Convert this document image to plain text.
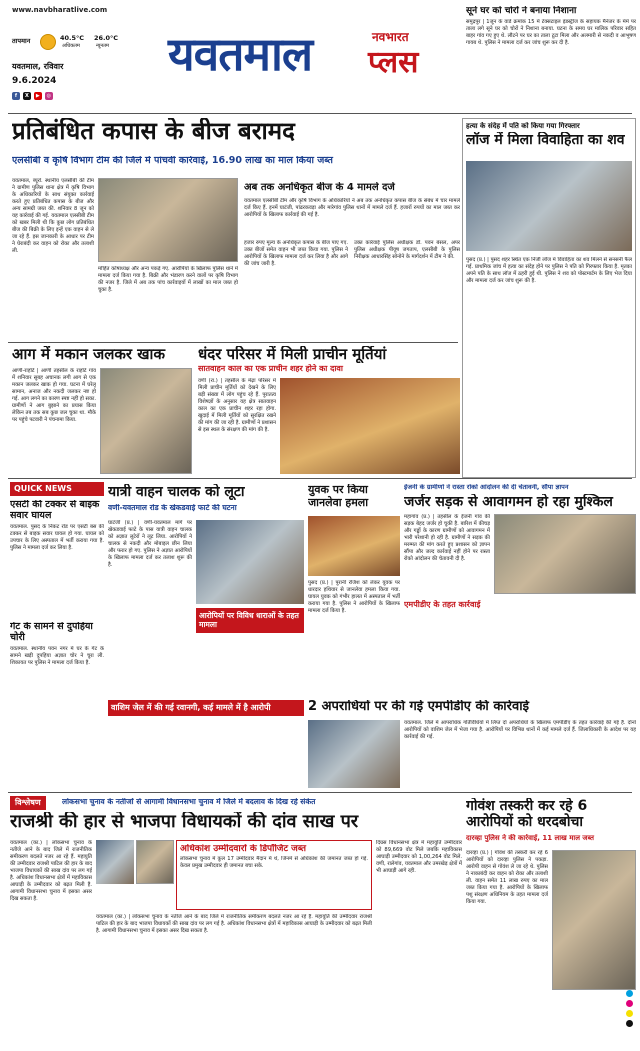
www.navbharatlive.com
तापमान	40.5°C
अधिकतम
26.0°C
न्यूनतम
यवतमाल, रविवार
9.6.2024
f X ▶ ◎
यवतमाल	नवभारत
प्लस
सूने घर को चोरों ने बनाया निशाना
समुद्रपुर | 1जून के वार्ड क्रमांक 15 में टेक्सटाइल इंडस्ट्रीज के सहायक मैनेजर के मेमे पर ताला लगे सूने घर को चोरों ने निशाना बनाया. घटना के समय घर मालिक परिवार सहित बाहर गांव गए हुए थे. लौटने पर घर का ताला टूटा मिला और अलमारी से नकदी व आभूषण गायब थे. पुलिस ने मामला दर्ज कर जांच शुरू कर दी है.
प्रतिबंधित कपास के बीज बरामद
एलसीबी व कृषि विभाग टीम की जिले में पांचवीं कार्रवाई, 16.90 लाख का माल किया जब्त
यवतमाल, ब्यूरो. स्थानीय एलसीबी की टीम ने ग्रामीण पुलिस थाना क्षेत्र में कृषि विभाग के अधिकारियों के साथ संयुक्त कार्रवाई करते हुए प्रतिबंधित कपास के बीज और अन्य सामग्री जब्त की. शनिवार 8 जून को यह कार्रवाई की गई. यवतमाल एलसीबी टीम को खबर मिली थी कि कुछ लोग प्रतिबंधित बीज की बिक्री के लिए इन्हें एक वाहन से ले जा रहे हैं. इस जानकारी के आधार पर टीम ने घेराबंदी कर वाहन को रोका और तलाशी ली.
मोहित कोषाध्यक्ष और अन्य पकड़े गए. आरोपियों के खिलाफ पुलिस थाने में मामला दर्ज किया गया है. बिक्री और भंडारण करने वालों पर कृषि विभाग की नजर है. जिले में अब तक पांच कार्रवाइयों में लाखों का माल जब्त हो चुका है.
अब तक अनधिकृत बीज के 4 मामले दर्ज
यवतमाल एलसीबी टीम और कृषि विभाग के अधिकारियों ने अब तक अनधिकृत कपास बीज के संबंध में चार मामले दर्ज किए हैं. इनमें घाटंजी, पांढरकवड़ा और मारेगांव पुलिस थानों में मामले दर्ज हैं. हजारों रुपयों का माल जब्त कर आरोपियों के खिलाफ कार्रवाई की गई है.
हजार रुपए मूल्य के अनधिकृत कपास के बीज पाए गए. उक्त बीजों समेत वाहन भी जब्त किया गया. पुलिस ने आरोपियों के खिलाफ मामला दर्ज कर लिया है और आगे की जांच जारी है.
उक्त कार्रवाई पुलिस अधीक्षक डॉ. पवन बंसल, अपर पुलिस अधीक्षक पीयूष जगताप, एलसीबी के पुलिस निरीक्षक आधारसिंह सोनोने के मार्गदर्शन में टीम ने की.
हत्या के संदेह में पति को किया गया गिरफ्तार
लॉज में मिला विवाहिता का शव
पुसद (प्र.) | पुसद शहर स्थित एक निजी लॉज में विवाहिता का शव मिलने से सनसनी फैल गई. प्राथमिक जांच में हत्या का संदेह होने पर पुलिस ने पति को गिरफ्तार किया है. मृतका अपने पति के साथ लॉज में ठहरी हुई थी. पुलिस ने शव को पोस्टमार्टम के लिए भेज दिया और मामला दर्ज कर जांच शुरू की है.
आग में मकान जलकर खाक
आर्णी-राहटि | आर्णी तहसील के राहटि गांव में शनिवार सुबह अचानक लगी आग से एक मकान जलकर खाक हो गया. घटना में घरेलू सामान, अनाज और नकदी जलकर नष्ट हो गई. आग लगने का कारण स्पष्ट नहीं हो सका. ग्रामीणों ने आग बुझाने का प्रयास किया लेकिन तब तक सब कुछ जल चुका था. मौके पर पहुंचे पटवारी ने पंचनामा किया.
धंदर परिसर में मिली प्राचीन मूर्तियां
सातवाहन काल का एक प्राचीन शहर होने का दावा
वणी (रा.) | तहसील के मेंढ़ा परिसर में मिली प्राचीन मूर्तियों को देखने के लिए बड़ी संख्या में लोग पहुंच रहे हैं. पुरातत्व विशेषज्ञों के अनुसार यह क्षेत्र सातवाहन काल का एक प्राचीन शहर रहा होगा. खुदाई में मिली मूर्तियों को सुरक्षित रखने की मांग की जा रही है. ग्रामीणों ने प्रशासन से इस स्थल के संरक्षण की मांग की है.
QUICK NEWS
एसटी की टक्कर से बाइक सवार घायल
यवतमाल. पुसद के निकट रोड पर एसटी बस की टक्कर से बाइक सवार घायल हो गया. घायल को उपचार के लिए अस्पताल में भर्ती कराया गया है. पुलिस ने मामला दर्ज कर लिया है.
गेट के सामने से दुपहिया चोरी
यवतमाल. स्थानीय पवन नगर में घर के गेट के सामने खड़ी दुपहिया अज्ञात चोर ने चुरा ली. शिकायत पर पुलिस ने मामला दर्ज किया है.
यात्री वाहन चालक को लूटा
वणी-यवतमाल रोड के खेकडवाई फाटे की घटना
घाटंजी (प्र.) | वणी-यवतमाल मार्ग पर खेकडवाई फाटे के पास यात्री वाहन चालक को अज्ञात लुटेरों ने लूट लिया. आरोपियों ने चालक से नकदी और मोबाइल छीन लिया और फरार हो गए. पुलिस ने अज्ञात आरोपियों के खिलाफ मामला दर्ज कर तलाश शुरू की है.
आरोपियों पर विविध धाराओं के तहत मामला
युवक पर किया जानलेवा हमला
पुसद (प्र.) | पुरानी रंजिश को लेकर युवक पर धारदार हथियार से जानलेवा हमला किया गया. घायल युवक को गंभीर हालत में अस्पताल में भर्ती कराया गया है. पुलिस ने आरोपियों के खिलाफ मामला दर्ज किया है.
ईंजनी के ग्रामीणों ने रास्ता रोको आंदोलन की दी चेतावनी, सौंपा ज्ञापन
जर्जर सड़क से आवागमन हो रहा मुश्किल
महागांव (प्र.) | तहसील के ईंजनी गांव की सड़क बेहद जर्जर हो चुकी है. बारिश में कीचड़ और गड्ढों के कारण ग्रामीणों को आवागमन में भारी परेशानी हो रही है. ग्रामीणों ने सड़क की मरम्मत की मांग करते हुए प्रशासन को ज्ञापन सौंपा और जल्द कार्रवाई नहीं होने पर रास्ता रोको आंदोलन की चेतावनी दी है.
2 अपराधियों पर की गई एमपीडीए की कार्रवाई
वाशिम जेल में की गई रवानगी, कई मामले में है आरोपी
यवतमाल. जिले में आपराधिक गतिविधियों में लिप्त दो अपराधियों के खिलाफ एमपीडीए के तहत कार्रवाई की गई है. दोनों आरोपियों को वाशिम जेल में भेजा गया है. आरोपियों पर विभिन्न थानों में कई मामले दर्ज हैं. जिलाधिकारी के आदेश पर यह कार्रवाई की गई.
एमपीडीए के तहत कार्रवाई
विश्लेषण	लोकसभा चुनाव के नतीजों से आगामी विधानसभा चुनाव में जिले में बदलाव के दिख रहे संकेत
राजश्री की हार से भाजपा विधायकों की दांव साख पर
यवतमाल (का.) | लोकसभा चुनाव के नतीजे आने के बाद जिले में राजनीतिक समीकरण बदलते नजर आ रहे हैं. महायुति की उम्मीदवार राजश्री पाटिल की हार के बाद भाजपा विधायकों की साख दांव पर लग गई है. अधिकांश विधानसभा क्षेत्रों में महाविकास आघाड़ी के उम्मीदवार को बढ़त मिली है. आगामी विधानसभा चुनाव में इसका असर दिख सकता है.
अधिकांश उम्मीदवारों के डिपॉजिट जब्त
लोकसभा चुनाव में कुल 17 उम्मीदवार मैदान में थे, जिनमें से अधिकांश की जमानत जब्त हो गई. केवल प्रमुख उम्मीदवार ही जमानत बचा सके.
दिग्रस विधानसभा क्षेत्र में महायुति उम्मीदवार को 89,669 वोट मिले जबकि महाविकास आघाड़ी उम्मीदवार को 1,00,264 वोट मिले. वणी, रालेगांव, यवतमाल और उमरखेड़ क्षेत्रों में भी आघाड़ी आगे रही.
यवतमाल (का.) | लोकसभा चुनाव के नतीजे आने के बाद जिले में राजनीतिक समीकरण बदलते नजर आ रहे हैं. महायुति की उम्मीदवार राजश्री पाटिल की हार के बाद भाजपा विधायकों की साख दांव पर लग गई है. अधिकांश विधानसभा क्षेत्रों में महाविकास आघाड़ी के उम्मीदवार को बढ़त मिली है. आगामी विधानसभा चुनाव में इसका असर दिख सकता है.
गोवंश तस्करी कर रहे 6 आरोपियों को धरदबोचा
दारव्हा पुलिस ने की कार्रवाई, 11 लाख माल जब्त
दारव्हा (प्र.) | गोवंश की तस्करी कर रहे 6 आरोपियों को दारव्हा पुलिस ने पकड़ा. आरोपी वाहन से गोवंश ले जा रहे थे. पुलिस ने नाकाबंदी कर वाहन को रोका और तलाशी ली. वाहन समेत 11 लाख रुपए का माल जब्त किया गया है. आरोपियों के खिलाफ पशु संरक्षण अधिनियम के तहत मामला दर्ज किया गया.
